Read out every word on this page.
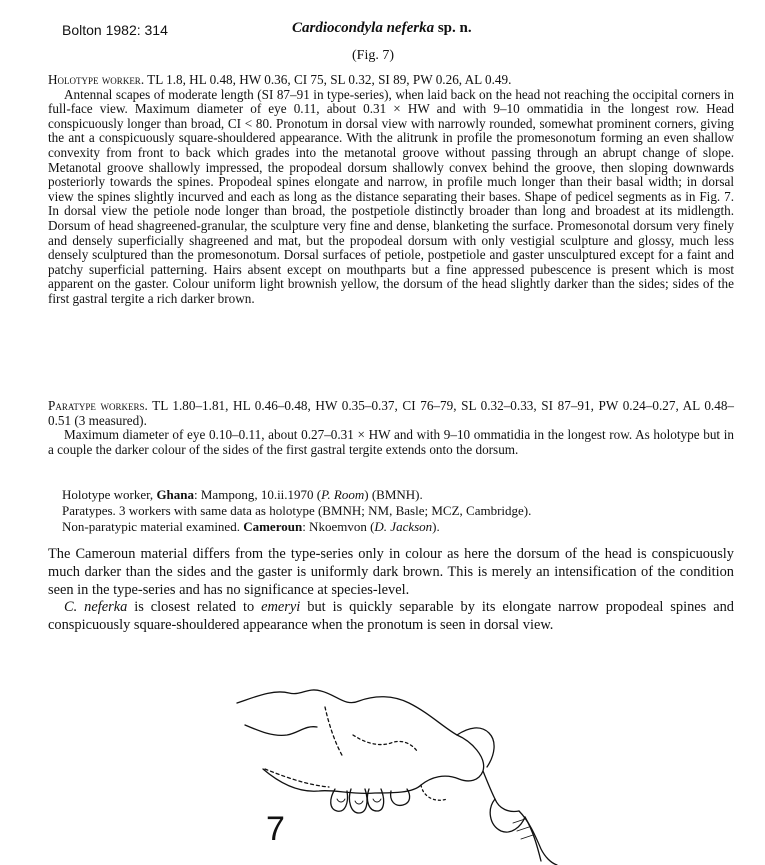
Bolton 1982: 314	Cardiocondyla neferka sp. n.
(Fig. 7)
Holotype worker. TL 1.8, HL 0.48, HW 0.36, CI 75, SL 0.32, SI 89, PW 0.26, AL 0.49.
Antennal scapes of moderate length (SI 87–91 in type-series), when laid back on the head not reaching the occipital corners in full-face view. Maximum diameter of eye 0.11, about 0.31 × HW and with 9–10 ommatidia in the longest row. Head conspicuously longer than broad, CI < 80. Pronotum in dorsal view with narrowly rounded, somewhat prominent corners, giving the ant a conspicuously square-shouldered appearance. With the alitrunk in profile the promesonotum forming an even shallow convexity from front to back which grades into the metanotal groove without passing through an abrupt change of slope. Metanotal groove shallowly impressed, the propodeal dorsum shallowly convex behind the groove, then sloping downwards posteriorly towards the spines. Propodeal spines elongate and narrow, in profile much longer than their basal width; in dorsal view the spines slightly incurved and each as long as the distance separating their bases. Shape of pedicel segments as in Fig. 7. In dorsal view the petiole node longer than broad, the postpetiole distinctly broader than long and broadest at its midlength. Dorsum of head shagreened-granular, the sculpture very fine and dense, blanketing the surface. Promesonotal dorsum very finely and densely superficially shagreened and mat, but the propodeal dorsum with only vestigial sculpture and glossy, much less densely sculptured than the promesonotum. Dorsal surfaces of petiole, postpetiole and gaster unsculptured except for a faint and patchy superficial patterning. Hairs absent except on mouthparts but a fine appressed pubescence is present which is most apparent on the gaster. Colour uniform light brownish yellow, the dorsum of the head slightly darker than the sides; sides of the first gastral tergite a rich darker brown.
Paratype workers. TL 1.80–1.81, HL 0.46–0.48, HW 0.35–0.37, CI 76–79, SL 0.32–0.33, SI 87–91, PW 0.24–0.27, AL 0.48–0.51 (3 measured).
Maximum diameter of eye 0.10–0.11, about 0.27–0.31 × HW and with 9–10 ommatidia in the longest row. As holotype but in a couple the darker colour of the sides of the first gastral tergite extends onto the dorsum.
Holotype worker, Ghana: Mampong, 10.ii.1970 (P. Room) (BMNH).
Paratypes. 3 workers with same data as holotype (BMNH; NM, Basle; MCZ, Cambridge).
Non-paratypic material examined. Cameroun: Nkoemvon (D. Jackson).
The Cameroun material differs from the type-series only in colour as here the dorsum of the head is conspicuously much darker than the sides and the gaster is uniformly dark brown. This is merely an intensification of the condition seen in the type-series and has no significance at species-level.
C. neferka is closest related to emeryi but is quickly separable by its elongate narrow propodeal spines and conspicuously square-shouldered appearance when the pronotum is seen in dorsal view.
7
